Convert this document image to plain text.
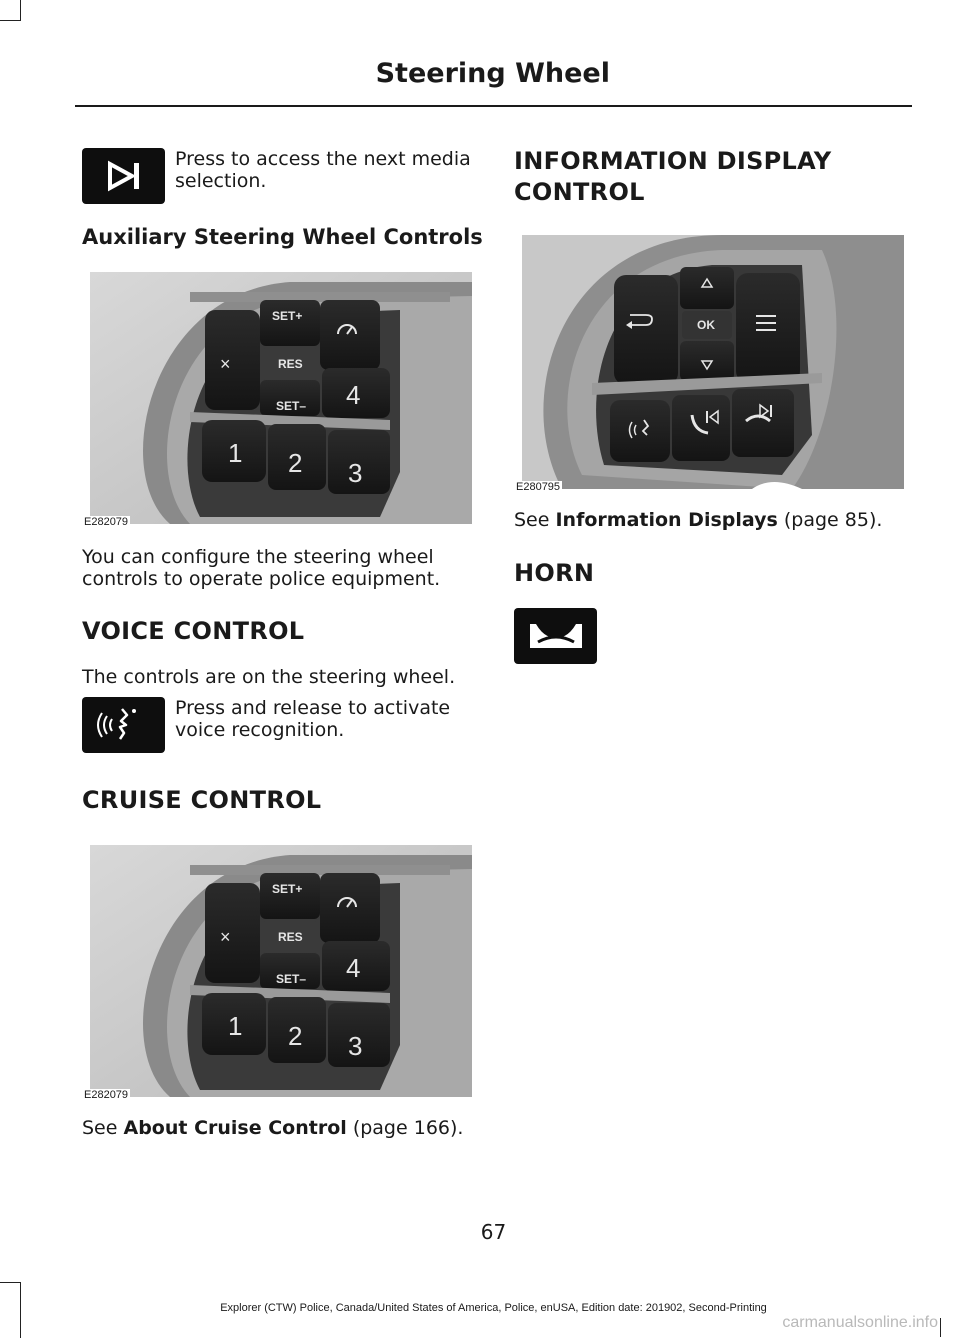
Steering Wheel
Press to access the next media selection.
Auxiliary Steering Wheel Controls
SET+
RES
SET–
×
4
1 2 3
E282079
You can configure the steering wheel controls to operate police equipment.
VOICE CONTROL
The controls are on the steering wheel.
Press and release to activate voice recognition.
CRUISE CONTROL
SET+
RES
SET–
×
4
1 2 3
E282079
See About Cruise Control (page 166).
INFORMATION DISPLAY
CONTROL
OK
E280795
See Information Displays (page 85).
HORN
67
Explorer (CTW) Police, Canada/United States of America, Police, enUSA, Edition date: 201902, Second-Printing
carmanualsonline.info
